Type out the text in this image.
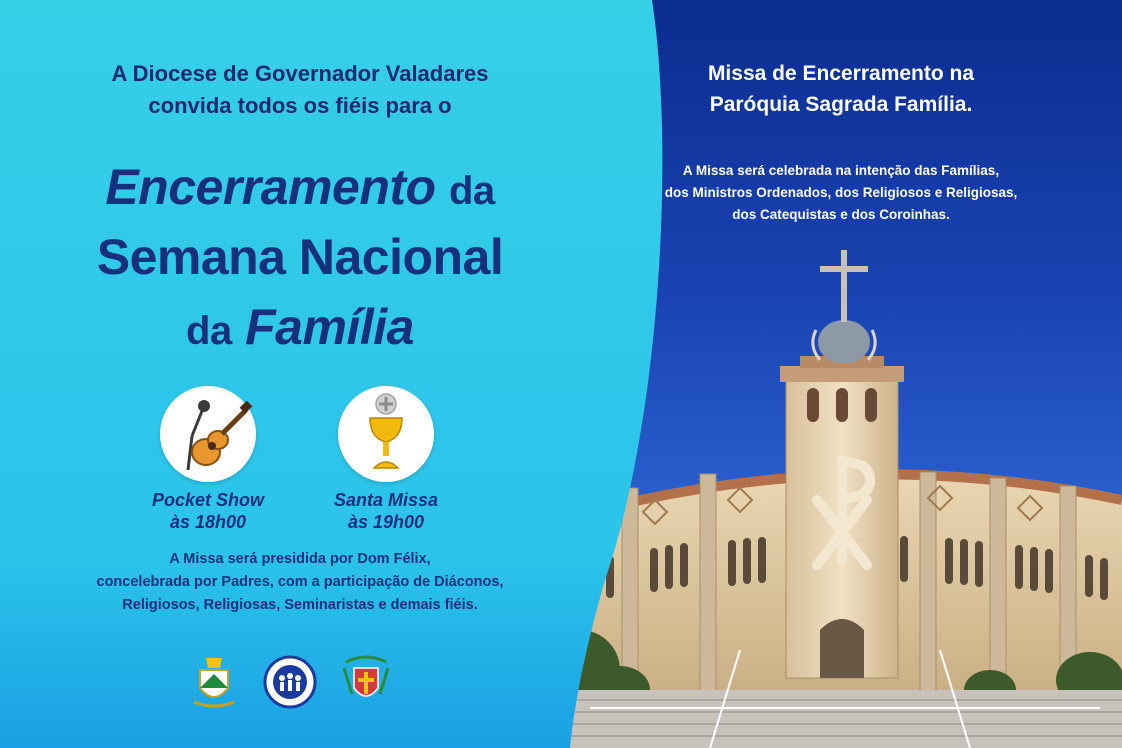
Missa de Encerramento na
Paróquia Sagrada Família.
A Missa será celebrada na intenção das Famílias,
dos Ministros Ordenados, dos Religiosos e Religiosas,
dos Catequistas e dos Coroinhas.
A Diocese de Governador Valadares
convida todos os fiéis para o
Encerramento da
Semana Nacional
da Família
Pocket Show
às 18h00
Santa Missa
às 19h00
A Missa será presidida por Dom Félix,
concelebrada por Padres, com a participação de Diáconos,
Religiosos, Religiosas, Seminaristas e demais fiéis.
